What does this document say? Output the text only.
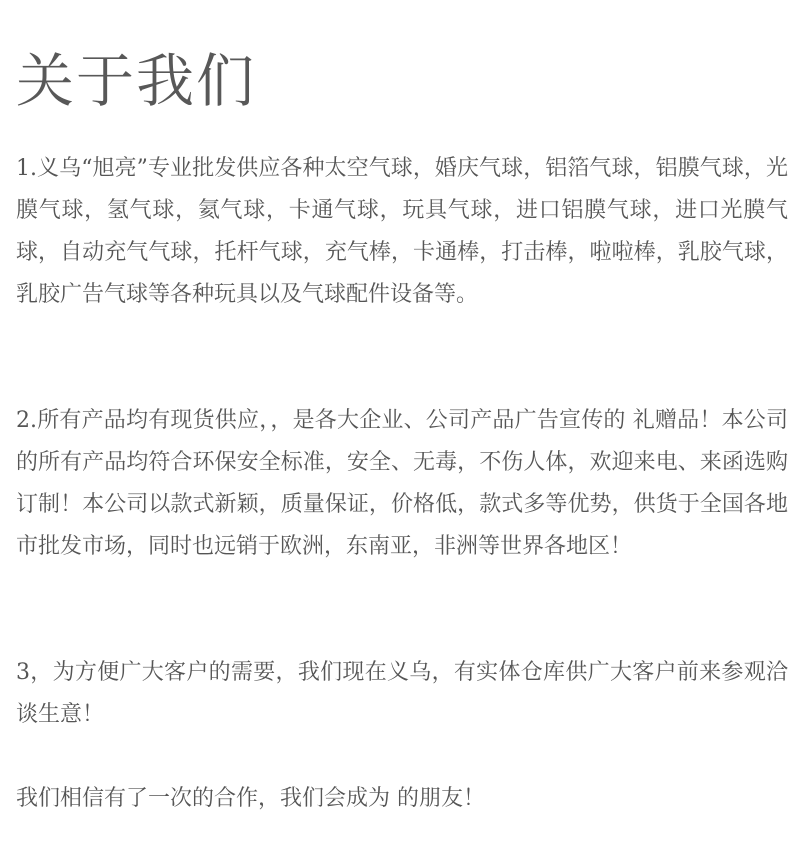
关于我们

1.义乌“旭亮”专业批发供应各种太空气球，婚庆气球，铝箔气球，铝膜气球，光膜气球，氢气球，氦气球，卡通气球，玩具气球，进口铝膜气球，进口光膜气球，自动充气气球，托杆气球，充气棒，卡通棒，打击棒，啦啦棒，乳胶气球，乳胶广告气球等各种玩具以及气球配件设备等。

2.所有产品均有现货供应，，是各大企业、公司产品广告宣传的 礼赠品！本公司的所有产品均符合环保安全标准，安全、无毒，不伤人体，欢迎来电、来函选购订制！本公司以款式新颖，质量保证，价格低，款式多等优势，供货于全国各地市批发市场，同时也远销于欧洲，东南亚，非洲等世界各地区！

3，为方便广大客户的需要，我们现在义乌，有实体仓库供广大客户前来参观洽谈生意！

我们相信有了一次的合作，我们会成为 的朋友！
